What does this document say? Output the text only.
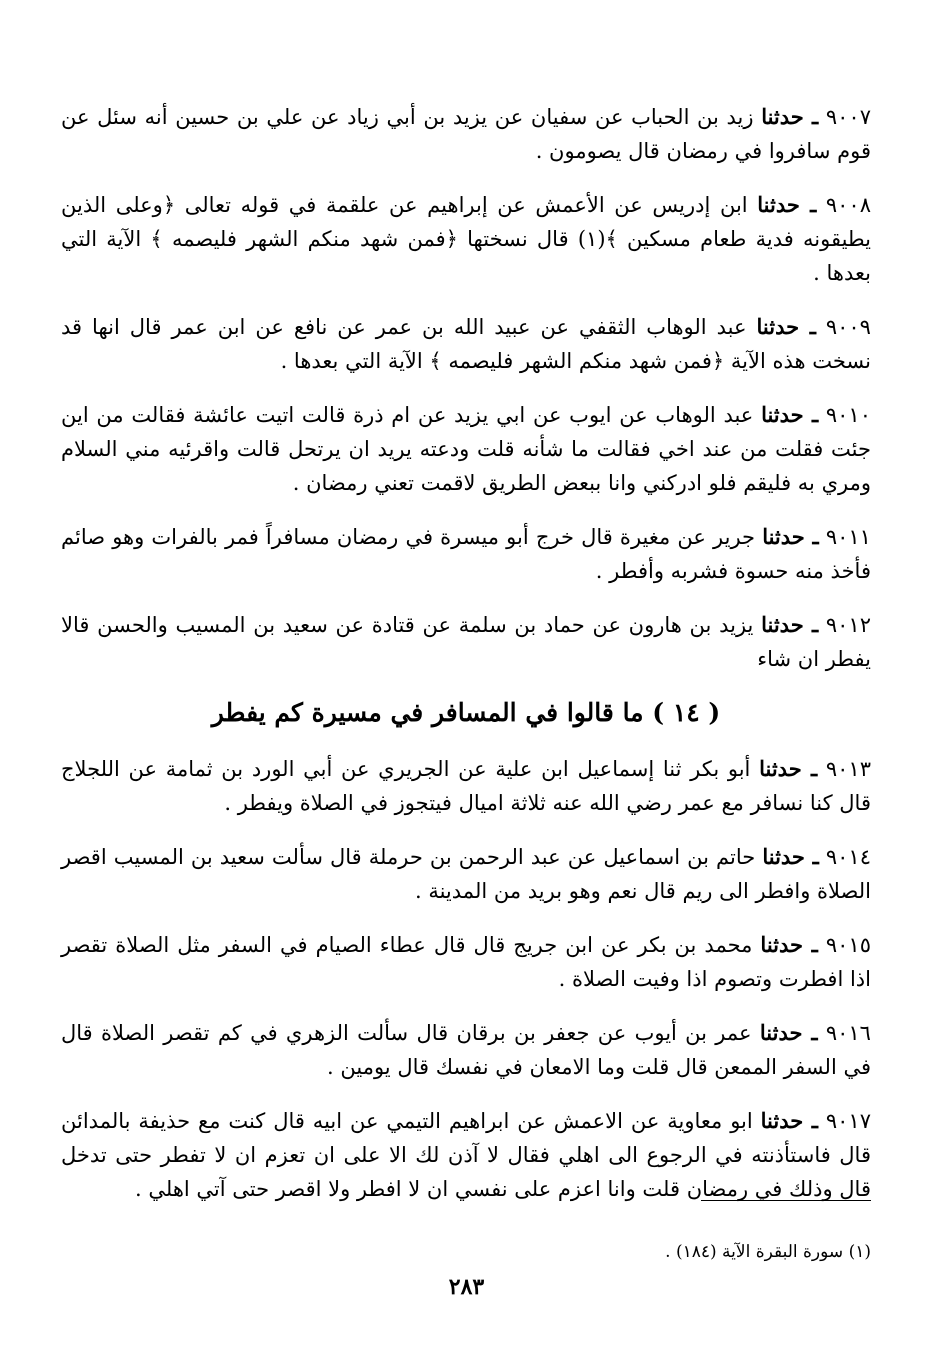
٩٠٠٧ ـ حدثنا زيد بن الحباب عن سفيان عن يزيد بن أبي زياد عن علي بن حسين أنه سئل عن قوم سافروا في رمضان قال يصومون .

٩٠٠٨ ـ حدثنا ابن إدريس عن الأعمش عن إبراهيم عن علقمة في قوله تعالى ﴿وعلى الذين يطيقونه فدية طعام مسكين ﴾(١) قال نسختها ﴿فمن شهد منكم الشهر فليصمه ﴾ الآية التي بعدها .

٩٠٠٩ ـ حدثنا عبد الوهاب الثقفي عن عبيد الله بن عمر عن نافع عن ابن عمر قال انها قد نسخت هذه الآية ﴿فمن شهد منكم الشهر فليصمه ﴾ الآية التي بعدها .

٩٠١٠ ـ حدثنا عبد الوهاب عن ايوب عن ابي يزيد عن ام ذرة قالت اتيت عائشة فقالت من اين جئت فقلت من عند اخي فقالت ما شأنه قلت ودعته يريد ان يرتحل قالت واقرئيه مني السلام ومري به فليقم فلو ادركني وانا ببعض الطريق لاقمت تعني رمضان .

٩٠١١ ـ حدثنا جرير عن مغيرة قال خرج أبو ميسرة في رمضان مسافراً فمر بالفرات وهو صائم فأخذ منه حسوة فشربه وأفطر .

٩٠١٢ ـ حدثنا يزيد بن هارون عن حماد بن سلمة عن قتادة عن سعيد بن المسيب والحسن قالا يفطر ان شاء

( ١٤ ) ما قالوا في المسافر في مسيرة كم يفطر

٩٠١٣ ـ حدثنا أبو بكر ثنا إسماعيل ابن علية عن الجريري عن أبي الورد بن ثمامة عن اللجلاج قال كنا نسافر مع عمر رضي الله عنه ثلاثة اميال فيتجوز في الصلاة ويفطر .

٩٠١٤ ـ حدثنا حاتم بن اسماعيل عن عبد الرحمن بن حرملة قال سألت سعيد بن المسيب اقصر الصلاة وافطر الى ريم قال نعم وهو بريد من المدينة .

٩٠١٥ ـ حدثنا محمد بن بكر عن ابن جريج قال قال عطاء الصيام في السفر مثل الصلاة تقصر اذا افطرت وتصوم اذا وفيت الصلاة .

٩٠١٦ ـ حدثنا عمر بن أيوب عن جعفر بن برقان قال سألت الزهري في كم تقصر الصلاة قال في السفر الممعن قال قلت وما الامعان في نفسك قال يومين .

٩٠١٧ ـ حدثنا ابو معاوية عن الاعمش عن ابراهيم التيمي عن ابيه قال كنت مع حذيفة بالمدائن قال فاستأذنته في الرجوع الى اهلي فقال لا آذن لك الا على ان تعزم ان لا تفطر حتى تدخل قال وذلك في رمضان قلت وانا اعزم على نفسي ان لا افطر ولا اقصر حتى آتي اهلي .

(١) سورة البقرة الآية (١٨٤) .
٢٨٣
